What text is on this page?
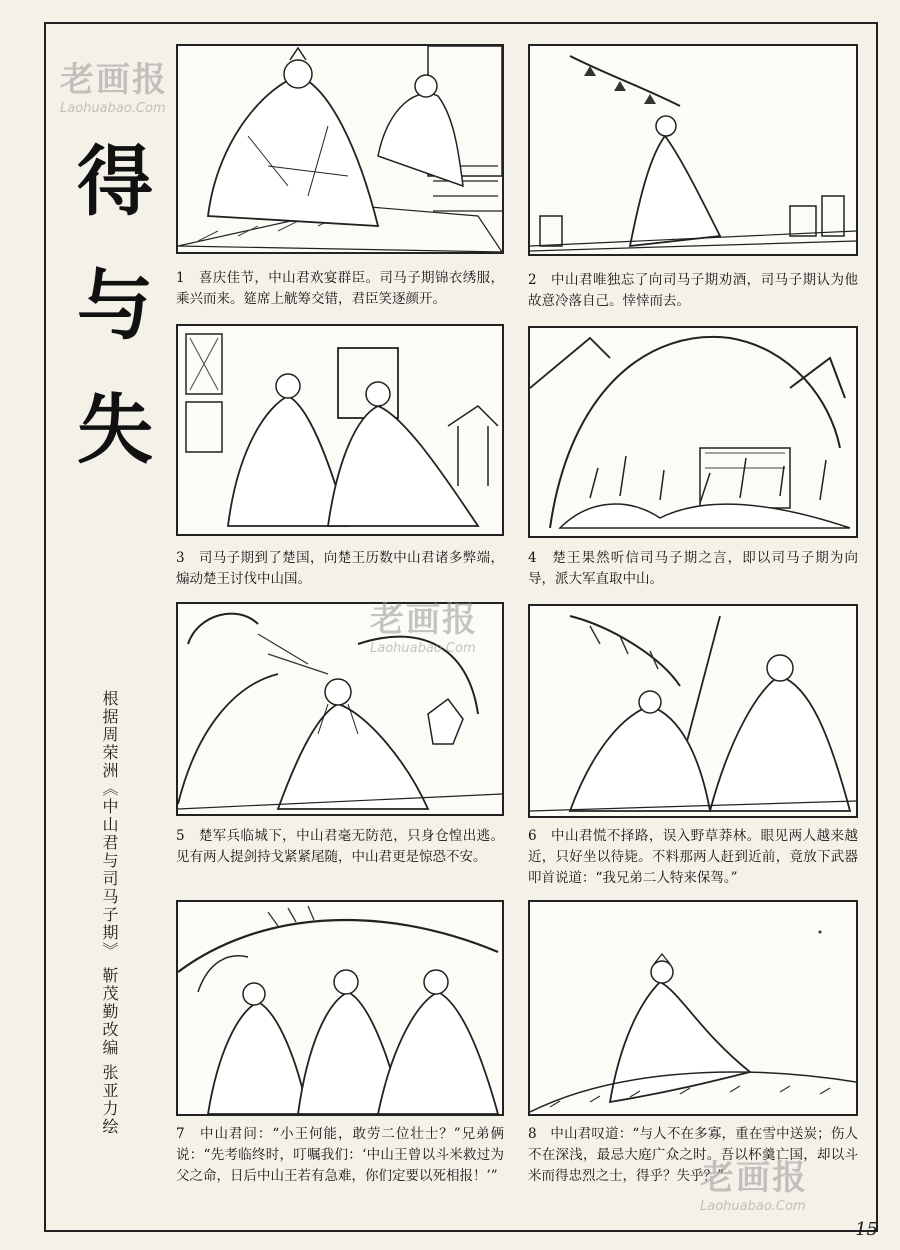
得
与
失
根据周荣洲《中山君与司马子期》 靳茂勤改编 张亚力绘
1　喜庆佳节，中山君欢宴群臣。司马子期锦衣绣服，乘兴而来。筵席上觥筹交错，君臣笑逐颜开。
2　中山君唯独忘了向司马子期劝酒，司马子期认为他故意冷落自己。悻悻而去。
3　司马子期到了楚国，向楚王历数中山君诸多弊端，煽动楚王讨伐中山国。
4　楚王果然听信司马子期之言，即以司马子期为向导，派大军直取中山。
5　楚军兵临城下，中山君毫无防范，只身仓惶出逃。见有两人提剑持戈紧紧尾随，中山君更是惊恐不安。
6　中山君慌不择路，误入野草莽林。眼见两人越来越近，只好坐以待毙。不料那两人赶到近前，竟放下武器叩首说道：“我兄弟二人特来保驾。”
7　中山君问：“小王何能，敢劳二位壮士？”兄弟俩说：“先考临终时，叮嘱我们：‘中山王曾以斗米救过为父之命，日后中山王若有急难，你们定要以死相报！’”
8　中山君叹道：“与人不在多寡，重在雪中送炭；伤人不在深浅，最忌大庭广众之时。吾以杯羹亡国，却以斗米而得忠烈之士，得乎？失乎？”
老画报
Laohuabao.Com
老画报
Laohuabao.Com
老画报
Laohuabao.Com
15
